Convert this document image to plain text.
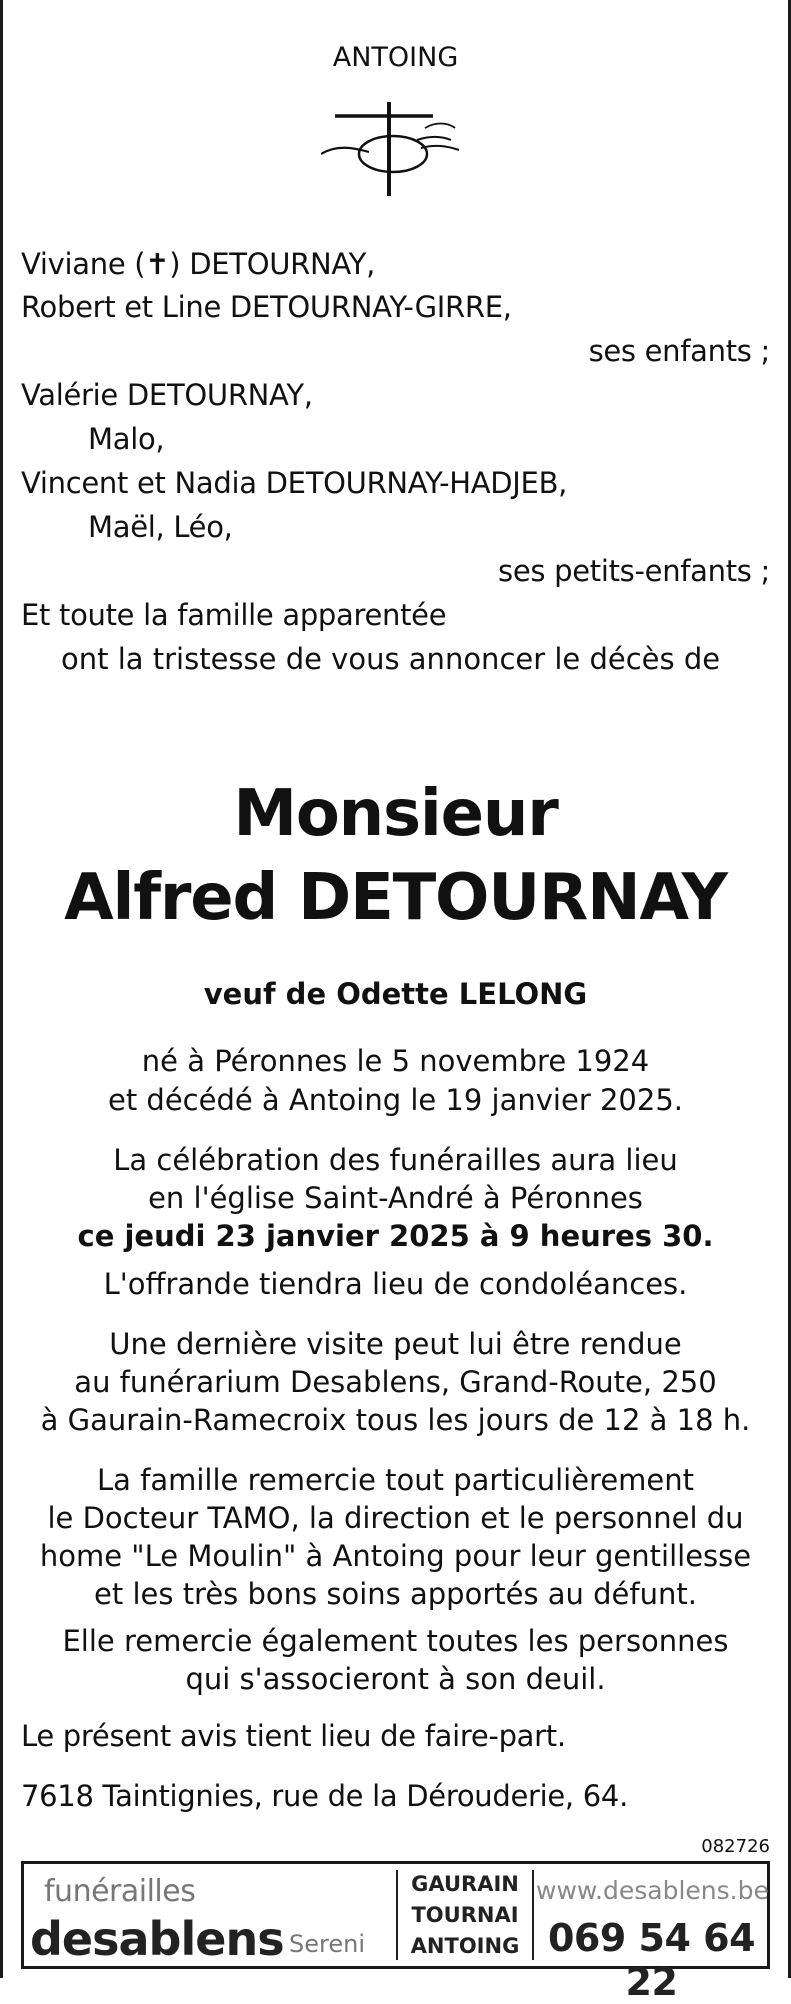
ANTOING
Viviane (✝) DETOURNAY,
Robert et Line DETOURNAY-GIRRE,
ses enfants ;
Valérie DETOURNAY,
Malo,
Vincent et Nadia DETOURNAY-HADJEB,
Maël, Léo,
ses petits-enfants ;
Et toute la famille apparentée
ont la tristesse de vous annoncer le décès de
Monsieur
Alfred DETOURNAY
veuf de Odette LELONG
né à Péronnes le 5 novembre 1924
et décédé à Antoing le 19 janvier 2025.
La célébration des funérailles aura lieu
en l'église Saint-André à Péronnes
ce jeudi 23 janvier 2025 à 9 heures 30.
L'offrande tiendra lieu de condoléances.
Une dernière visite peut lui être rendue
au funérarium Desablens, Grand-Route, 250
à Gaurain-Ramecroix tous les jours de 12 à 18 h.
La famille remercie tout particulièrement
le Docteur TAMO, la direction et le personnel du
home "Le Moulin" à Antoing pour leur gentillesse
et les très bons soins apportés au défunt.
Elle remercie également toutes les personnes
qui s'associeront à son deuil.
Le présent avis tient lieu de faire-part.
7618 Taintignies, rue de la Dérouderie, 64.
082726
funérailles
desablens Sereni
GAURAIN
TOURNAI
ANTOING
www.desablens.be
069 54 64 22
